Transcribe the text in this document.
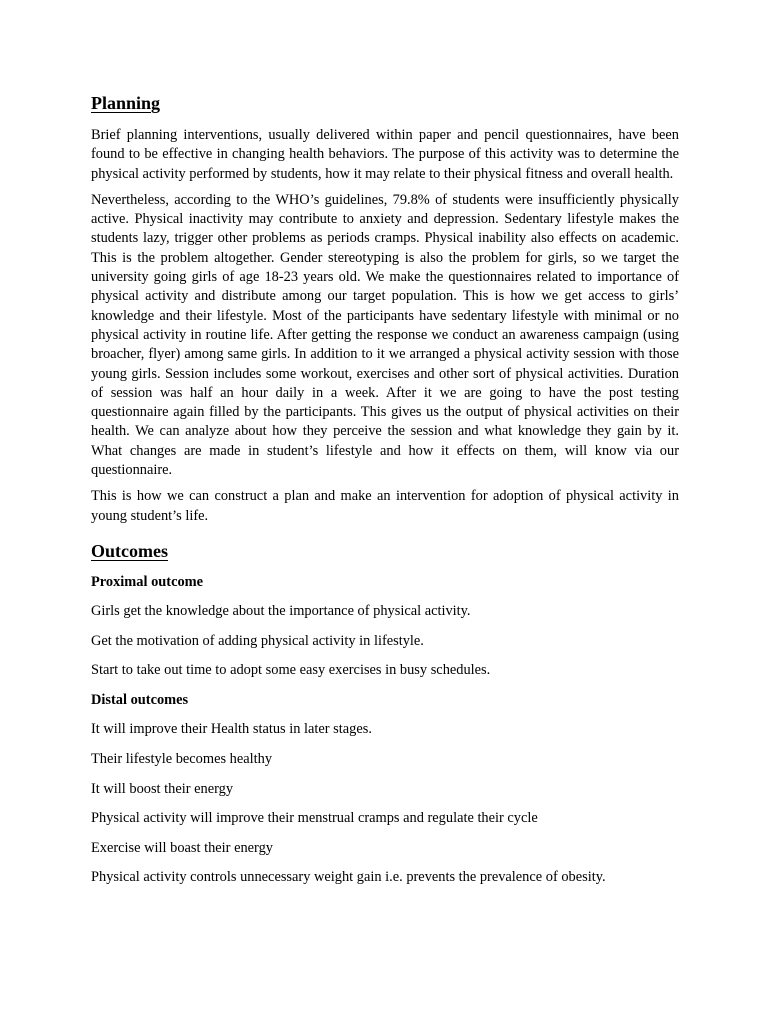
Planning

Brief planning interventions, usually delivered within paper and pencil questionnaires, have been found to be effective in changing health behaviors. The purpose of this activity was to determine the physical activity performed by students, how it may relate to their physical fitness and overall health.

Nevertheless, according to the WHO’s guidelines, 79.8% of students were insufficiently physically active. Physical inactivity may contribute to anxiety and depression. Sedentary lifestyle makes the students lazy, trigger other problems as periods cramps. Physical inability also effects on academic. This is the problem altogether. Gender stereotyping is also the problem for girls, so we target the university going girls of age 18-23 years old. We make the questionnaires related to importance of physical activity and distribute among our target population. This is how we get access to girls’ knowledge and their lifestyle. Most of the participants have sedentary lifestyle with minimal or no physical activity in routine life. After getting the response we conduct an awareness campaign (using broacher, flyer) among same girls. In addition to it we arranged a physical activity session with those young girls. Session includes some workout, exercises and other sort of physical activities. Duration of session was half an hour daily in a week. After it we are going to have the post testing questionnaire again filled by the participants. This gives us the output of physical activities on their health. We can analyze about how they perceive the session and what knowledge they gain by it. What changes are made in student’s lifestyle and how it effects on them, will know via our questionnaire.

This is how we can construct a plan and make an intervention for adoption of physical activity in young student’s life.

Outcomes
Proximal outcome
Girls get the knowledge about the importance of physical activity.
Get the motivation of adding physical activity in lifestyle.
Start to take out time to adopt some easy exercises in busy schedules.
Distal outcomes
It will improve their Health status in later stages.
Their lifestyle becomes healthy
It will boost their energy
Physical activity will improve their menstrual cramps and regulate their cycle
Exercise will boast their energy
Physical activity controls unnecessary weight gain i.e. prevents the prevalence of obesity.
